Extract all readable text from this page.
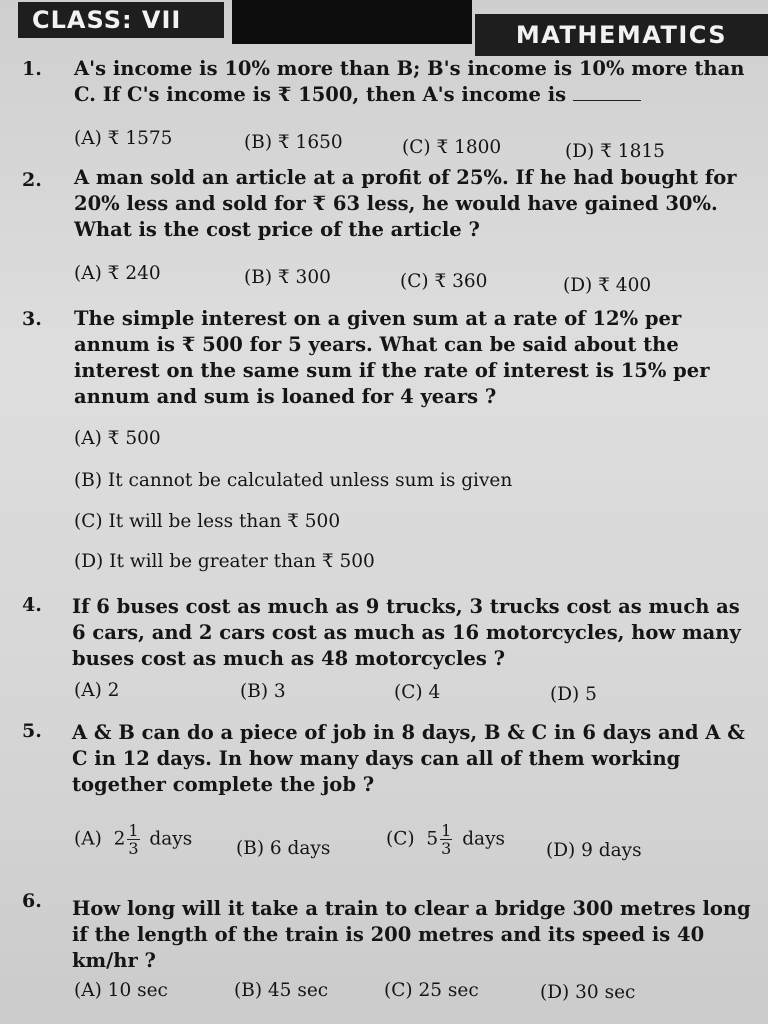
CLASS: VII
MATHEMATICS
1. A's income is 10% more than B; B's income is 10% more than C. If C's income is ₹ 1500, then A's income is
(A) ₹ 1575	(B) ₹ 1650	(C) ₹ 1800	(D) ₹ 1815
2. A man sold an article at a profit of 25%. If he had bought for 20% less and sold for ₹ 63 less, he would have gained 30%. What is the cost price of the article ?
(A) ₹ 240	(B) ₹ 300	(C) ₹ 360	(D) ₹ 400
3. The simple interest on a given sum at a rate of 12% per annum is ₹ 500 for 5 years. What can be said about the interest on the same sum if the rate of interest is 15% per annum and sum is loaned for 4 years ?
(A) ₹ 500
(B) It cannot be calculated unless sum is given
(C) It will be less than ₹ 500
(D) It will be greater than ₹ 500
4. If 6 buses cost as much as 9 trucks, 3 trucks cost as much as 6 cars, and 2 cars cost as much as 16 motorcycles, how many buses cost as much as 48 motorcycles ?
(A) 2	(B) 3	(C) 4	(D) 5
5. A & B can do a piece of job in 8 days, B & C in 6 days and A & C in 12 days. In how many days can all of them working together complete the job ?
(A) $2 \frac{1}{3}$ days (B) 6 days	(C) $5 \frac{1}{3}$ days
(D) 9 days
6. How long will it take a train to clear a bridge 300 metres long if the length of the train is 200 metres and its speed is 40 km/hr ?
(A) 10 sec	(B) 45 sec	(C) 25 sec	(D) 30 sec
